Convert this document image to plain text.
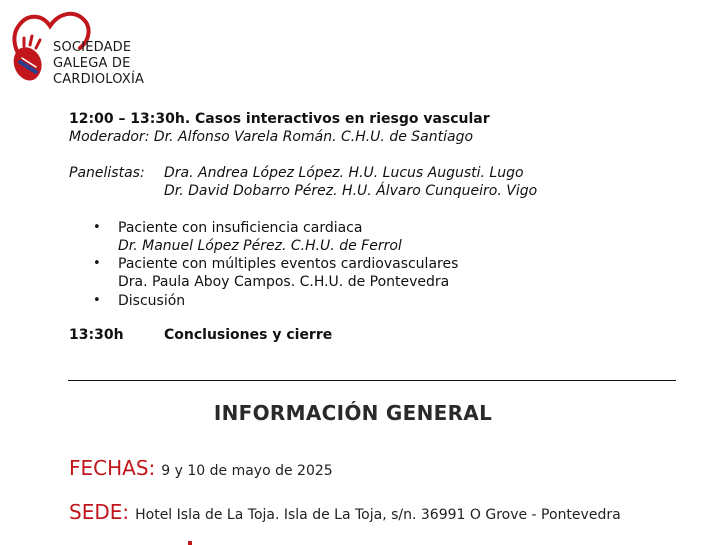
SOCIEDADE
GALEGA DE
CARDIOLOXÍA
12:00 – 13:30h. Casos interactivos en riesgo vascular
Moderador: Dr. Alfonso Varela Román. C.H.U. de Santiago
Panelistas: Dra. Andrea López López. H.U. Lucus Augusti. Lugo
Dr. David Dobarro Pérez. H.U. Álvaro Cunqueiro. Vigo
• Paciente con insuficiencia cardiaca
Dr. Manuel López Pérez. C.H.U. de Ferrol
• Paciente con múltiples eventos cardiovasculares
Dra. Paula Aboy Campos. C.H.U. de Pontevedra
• Discusión
13:30h	Conclusiones y cierre
INFORMACIÓN GENERAL
FECHAS: 9 y 10 de mayo de 2025
SEDE: Hotel Isla de La Toja. Isla de La Toja, s/n. 36991 O Grove - Pontevedra
